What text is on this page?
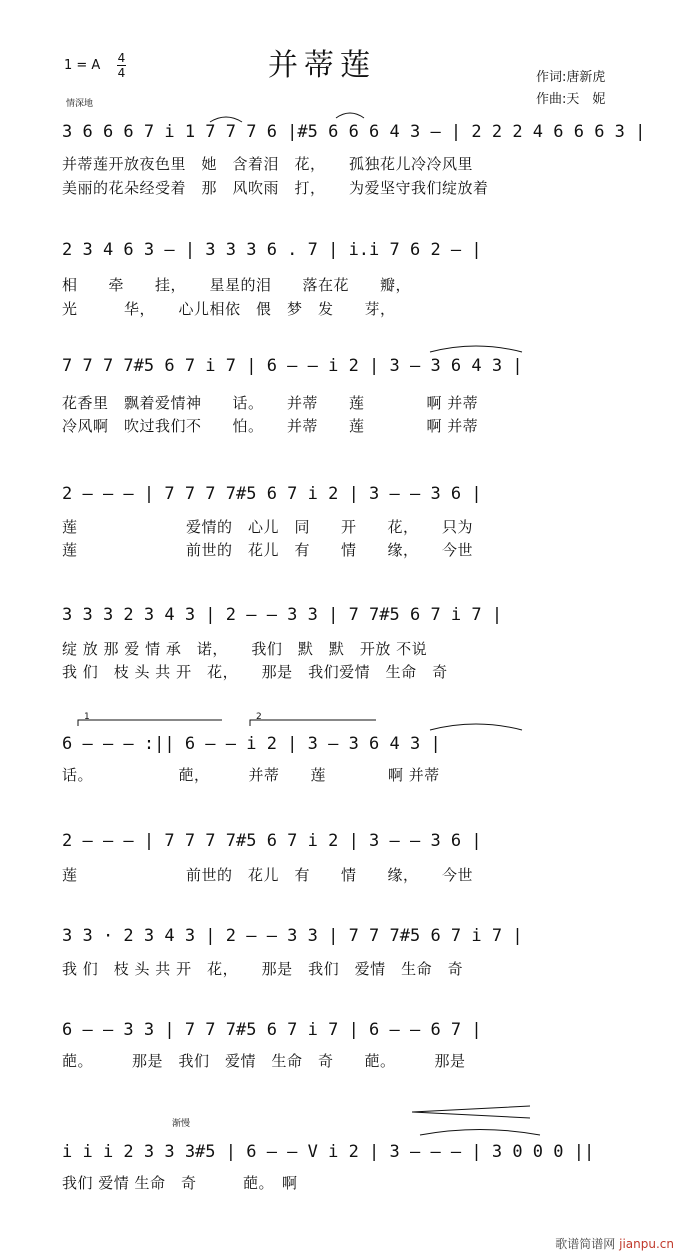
并蒂莲
1 = A 4
4	作词:唐新虎
作曲:天　妮
情深地
3 6 6 6 7 i 1 7 7 7 6 |#5 6 6 6 4 3 — | 2 2 2 4 6 6 6 3 |
并蒂莲开放夜色里　她　含着泪　花，　　孤独花儿冷冷风里
美丽的花朵经受着　那　风吹雨　打，　　为爱坚守我们绽放着
2 3 4 6 3 — | 3 3 3 6 . 7 | i.i 7 6 2 — |
相　　牵　　挂，　　星星的泪　　落在花　　瓣，
光　　　华，　　心儿相依　偎　梦　发　　芽，
7 7 7 7#5 6 7 i 7 | 6 — — i 2 | 3 — 3 6 4 3 |
花香里　飘着爱情神　　话。　　并蒂　　莲　　　　啊 并蒂
冷风啊　吹过我们不　　怕。　　并蒂　　莲　　　　啊 并蒂
2 — — — | 7 7 7 7#5 6 7 i 2 | 3 — — 3 6 |
莲　　　　　　　爱情的　心儿　同　　开　　花，　　只为
莲　　　　　　　前世的　花儿　有　　情　　缘，　　今世
3 3 3 2 3 4 3 | 2 — — 3 3 | 7 7#5 6 7 i 7 |
绽 放 那 爱 情 承　诺，　　我们　默　默　开放 不说
我 们　枝 头 共 开　花，　　那是　我们爱情　生命　奇
1	2
6 — — — :|| 6 — — i 2 | 3 — 3 6 4 3 |
话。　　　　　　葩，　　　并蒂　　莲　　　　啊 并蒂
2 — — — | 7 7 7 7#5 6 7 i 2 | 3 — — 3 6 |
莲　　　　　　　前世的　花儿　有　　情　　缘，　　今世
3 3 · 2 3 4 3 | 2 — — 3 3 | 7 7 7#5 6 7 i 7 |
我 们　枝 头 共 开　花，　　那是　我们　爱情　生命　奇
6 — — 3 3 | 7 7 7#5 6 7 i 7 | 6 — — 6 7 |
葩。　　　那是　我们　爱情　生命　奇　　葩。　　　那是
渐慢
i i i 2 3 3 3#5 | 6 — — V i 2 | 3 — — — | 3 0 0 0 ||
我们 爱情 生命　奇　　　葩。　啊
歌谱简谱网 jianpu.cn
